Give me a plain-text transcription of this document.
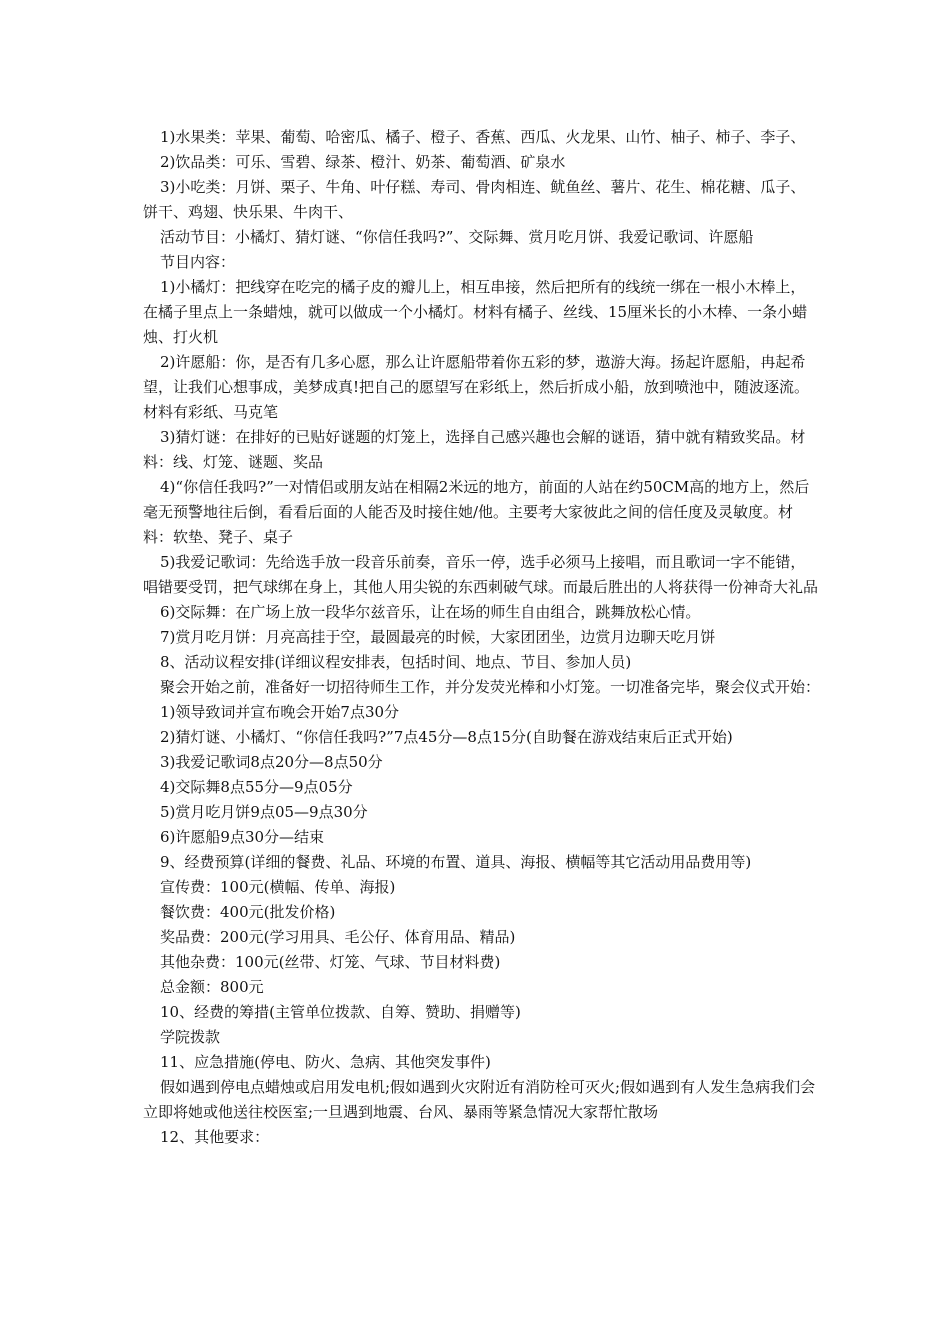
1)水果类：苹果、葡萄、哈密瓜、橘子、橙子、香蕉、西瓜、火龙果、山竹、柚子、柿子、李子、

2)饮品类：可乐、雪碧、绿茶、橙汁、奶茶、葡萄酒、矿泉水

3)小吃类：月饼、栗子、牛角、叶仔糕、寿司、骨肉相连、鱿鱼丝、薯片、花生、棉花糖、瓜子、饼干、鸡翅、快乐果、牛肉干、

活动节目：小橘灯、猜灯谜、“你信任我吗?”、交际舞、赏月吃月饼、我爱记歌词、许愿船

节目内容：

1)小橘灯：把线穿在吃完的橘子皮的瓣儿上，相互串接，然后把所有的线统一绑在一根小木棒上，在橘子里点上一条蜡烛，就可以做成一个小橘灯。材料有橘子、丝线、15厘米长的小木棒、一条小蜡烛、打火机

2)许愿船：你，是否有几多心愿，那么让许愿船带着你五彩的梦，遨游大海。扬起许愿船，冉起希望，让我们心想事成，美梦成真!把自己的愿望写在彩纸上，然后折成小船，放到喷池中，随波逐流。材料有彩纸、马克笔

3)猜灯谜：在排好的已贴好谜题的灯笼上，选择自己感兴趣也会解的谜语，猜中就有精致奖品。材料：线、灯笼、谜题、奖品

4)“你信任我吗?”一对情侣或朋友站在相隔2米远的地方，前面的人站在约50CM高的地方上，然后毫无预警地往后倒，看看后面的人能否及时接住她/他。主要考大家彼此之间的信任度及灵敏度。材料：软垫、凳子、桌子

5)我爱记歌词：先给选手放一段音乐前奏，音乐一停，选手必须马上接唱，而且歌词一字不能错，唱错要受罚，把气球绑在身上，其他人用尖锐的东西刺破气球。而最后胜出的人将获得一份神奇大礼品

6)交际舞：在广场上放一段华尔兹音乐，让在场的师生自由组合，跳舞放松心情。

7)赏月吃月饼：月亮高挂于空，最圆最亮的时候，大家团团坐，边赏月边聊天吃月饼

8、活动议程安排(详细议程安排表，包括时间、地点、节目、参加人员)

聚会开始之前，准备好一切招待师生工作，并分发荧光棒和小灯笼。一切准备完毕，聚会仪式开始：

1)领导致词并宣布晚会开始7点30分

2)猜灯谜、小橘灯、“你信任我吗?”7点45分—8点15分(自助餐在游戏结束后正式开始)

3)我爱记歌词8点20分—8点50分

4)交际舞8点55分—9点05分

5)赏月吃月饼9点05—9点30分

6)许愿船9点30分—结束

9、经费预算(详细的餐费、礼品、环境的布置、道具、海报、横幅等其它活动用品费用等)

宣传费：100元(横幅、传单、海报)

餐饮费：400元(批发价格)

奖品费：200元(学习用具、毛公仔、体育用品、精品)

其他杂费：100元(丝带、灯笼、气球、节目材料费)

总金额：800元

10、经费的筹措(主管单位拨款、自筹、赞助、捐赠等)

学院拨款

11、应急措施(停电、防火、急病、其他突发事件)

假如遇到停电点蜡烛或启用发电机;假如遇到火灾附近有消防栓可灭火;假如遇到有人发生急病我们会立即将她或他送往校医室;一旦遇到地震、台风、暴雨等紧急情况大家帮忙散场

12、其他要求：
